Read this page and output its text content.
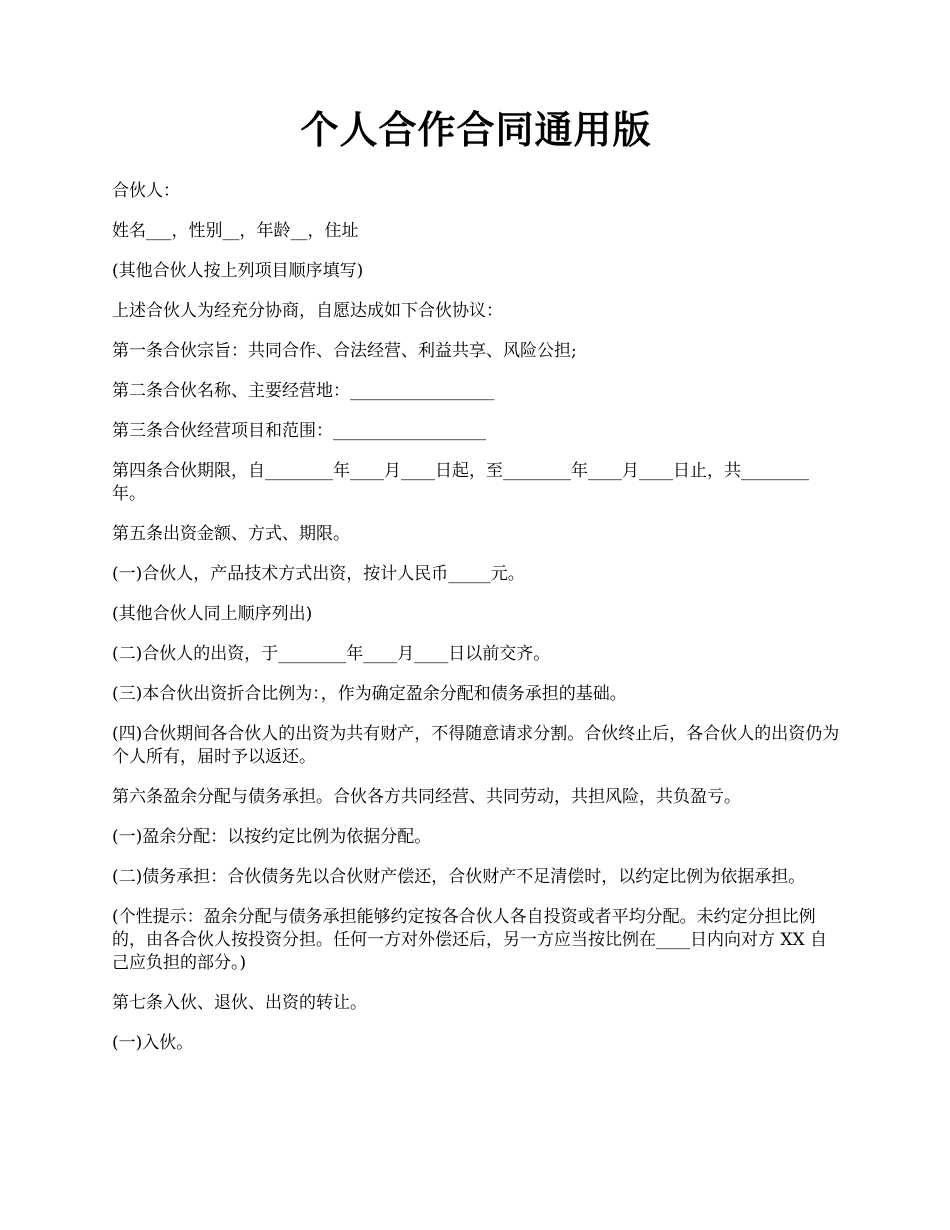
个人合作合同通用版

合伙人：

姓名___，性别__，年龄__，住址

(其他合伙人按上列项目顺序填写)

上述合伙人为经充分协商，自愿达成如下合伙协议：

第一条合伙宗旨：共同合作、合法经营、利益共享、风险公担;

第二条合伙名称、主要经营地：_________________

第三条合伙经营项目和范围：__________________

第四条合伙期限，自________年____月____日起，至________年____月____日止，共________年。

第五条出资金额、方式、期限。

(一)合伙人，产品技术方式出资，按计人民币_____元。

(其他合伙人同上顺序列出)

(二)合伙人的出资，于________年____月____日以前交齐。

(三)本合伙出资折合比例为：，作为确定盈余分配和债务承担的基础。

(四)合伙期间各合伙人的出资为共有财产，不得随意请求分割。合伙终止后，各合伙人的出资仍为个人所有，届时予以返还。

第六条盈余分配与债务承担。合伙各方共同经营、共同劳动，共担风险，共负盈亏。

(一)盈余分配：以按约定比例为依据分配。

(二)债务承担：合伙债务先以合伙财产偿还，合伙财产不足清偿时，以约定比例为依据承担。

(个性提示：盈余分配与债务承担能够约定按各合伙人各自投资或者平均分配。未约定分担比例的，由各合伙人按投资分担。任何一方对外偿还后，另一方应当按比例在____日内向对方 XX 自己应负担的部分。)

第七条入伙、退伙、出资的转让。

(一)入伙。
